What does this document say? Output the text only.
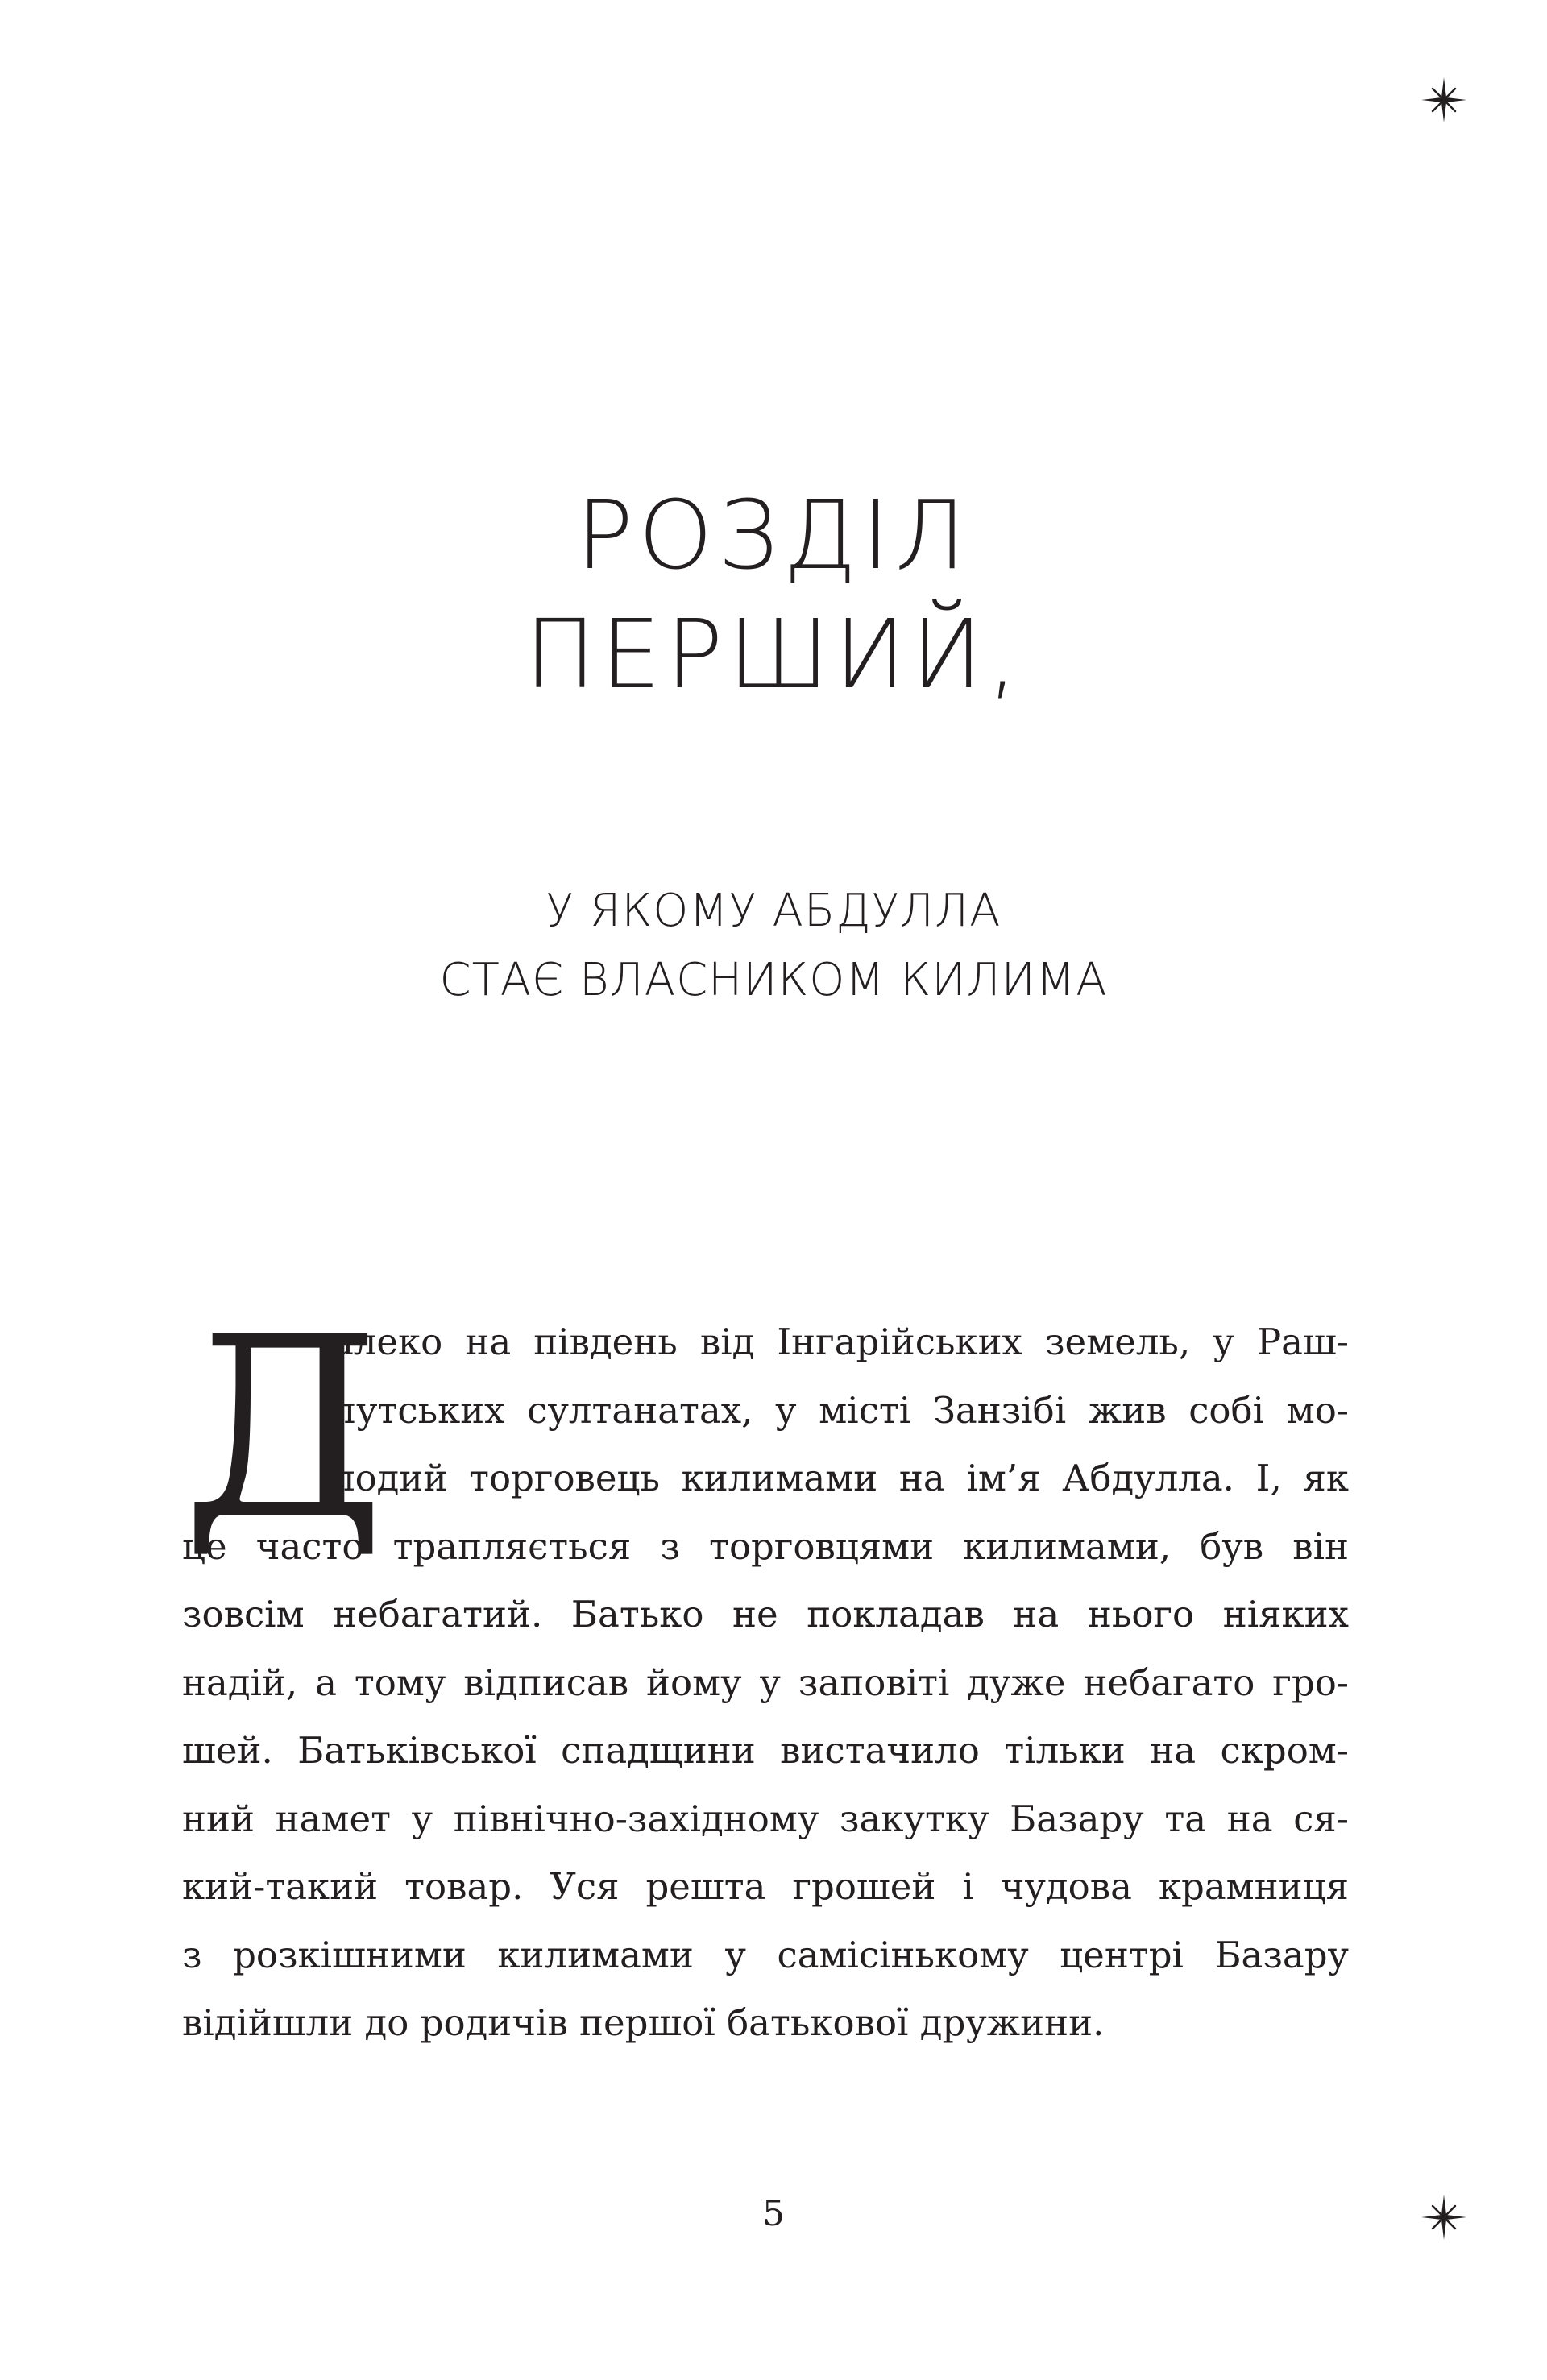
РОЗДІЛ
ПЕРШИЙ,
У ЯКОМУ АБДУЛЛА
СТАЄ ВЛАСНИКОМ КИЛИМА
Д
алеко на південь від Інгарійських земель, у Раш-
путських султанатах, у місті Занзібі жив собі мо-
лодий торговець килимами на ім’я Абдулла. І, як
це часто трапляється з торговцями килимами, був він
зовсім небагатий. Батько не покладав на нього ніяких
надій, а тому відписав йому у заповіті дуже небагато гро-
шей. Батьківської спадщини вистачило тільки на скром-
ний намет у північно-західному закутку Базару та на ся-
кий-такий товар. Уся решта грошей і чудова крамниця
з розкішними килимами у самісінькому центрі Базару
відійшли до родичів першої батькової дружини.
5
